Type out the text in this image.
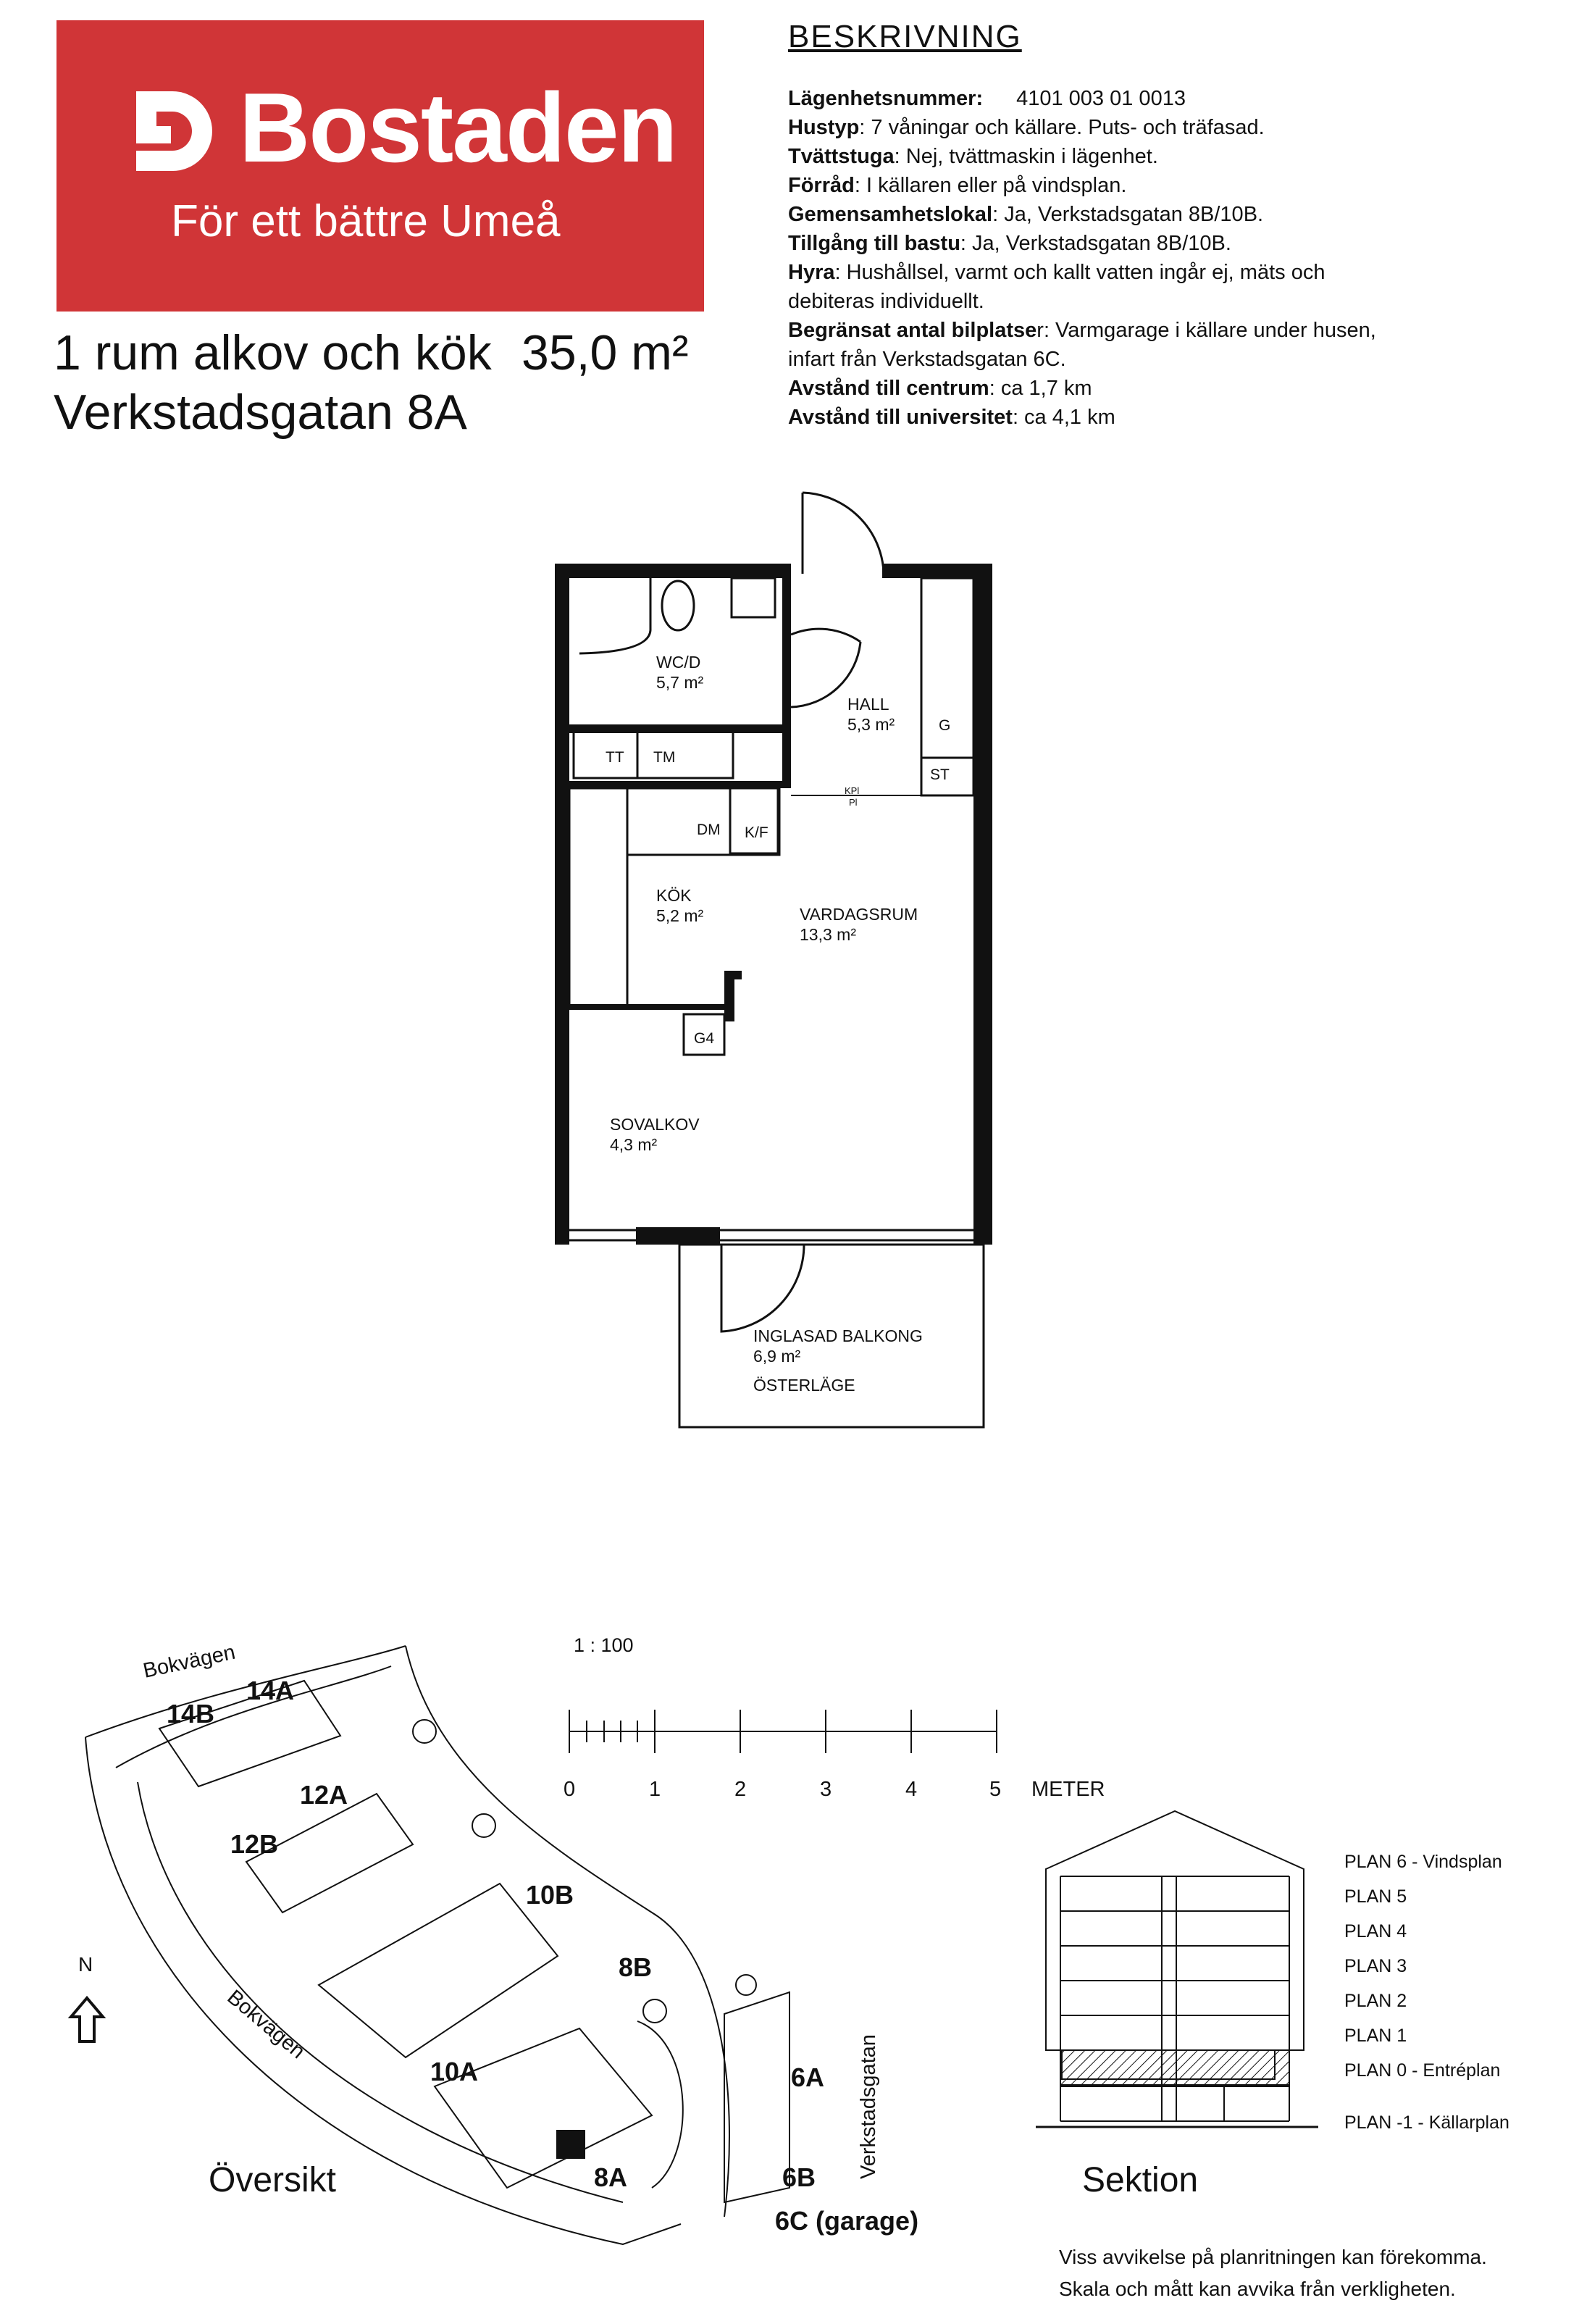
Bostaden
För ett bättre Umeå
1 rum alkov och kök 35,0 m²
Verkstadsgatan 8A
BESKRIVNING
Lägenhetsnummer: 4101 003 01 0013
Hustyp: 7 våningar och källare. Puts- och träfasad.
Tvättstuga: Nej, tvättmaskin i lägenhet.
Förråd: I källaren eller på vindsplan.
Gemensamhetslokal: Ja, Verkstadsgatan 8B/10B.
Tillgång till bastu: Ja, Verkstadsgatan 8B/10B.
Hyra: Hushållsel, varmt och kallt vatten ingår ej, mäts och
debiteras individuellt.
Begränsat antal bilplatser: Varmgarage i källare under husen,
infart från Verkstadsgatan 6C.
Avstånd till centrum: ca 1,7 km
Avstånd till universitet: ca 4,1 km
WC/D
5,7 m²
HALL
5,3 m²
KÖK
5,2 m²	VARDAGSRUM
13,3 m²
SOVALKOV
4,3 m²
INGLASAD BALKONG
6,9 m²
ÖSTERLÄGE
TT TM
DM K/F
G4
ST
G
KPl
Pl
1 : 100
0	1	2	3	4	5 METER
Bokvägen
Bokvägen
Verkstadsgatan
14A
14B
12A
12B
10B
8B
10A
8A
6A
6B
6C (garage)
N
Översikt
PLAN 6 - Vindsplan
PLAN 5
PLAN 4
PLAN 3
PLAN 2
PLAN 1
PLAN 0 - Entréplan
PLAN -1 - Källarplan
Sektion
Viss avvikelse på planritningen kan förekomma.
Skala och mått kan avvika från verkligheten.
